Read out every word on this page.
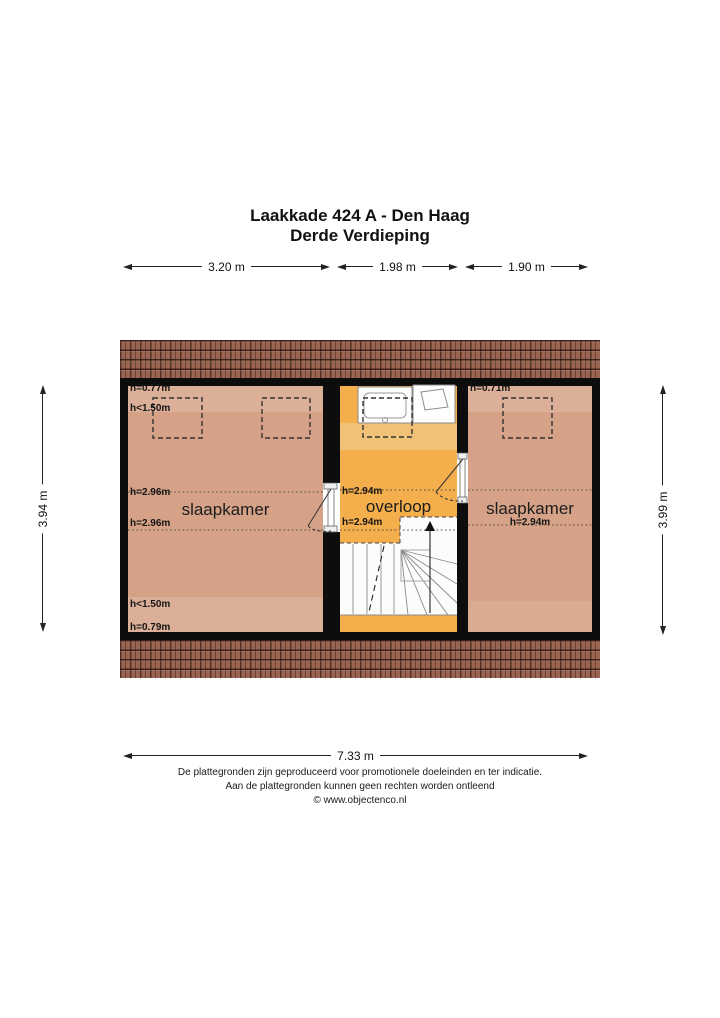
Laakkade 424 A - Den Haag
Derde Verdieping
3.20 m	1.98 m	1.90 m
3.94 m	3.99 m
h=0.77m
h<1.50m
h=2.96m
h=2.96m
h<1.50m
h=0.79m
slaapkamer
h=2.94m
h=2.94m
overloop
h=0.71m
slaapkamer
h=2.94m
7.33 m
De plattegronden zijn geproduceerd voor promotionele doeleinden en ter indicatie.
Aan de plattegronden kunnen geen rechten worden ontleend
© www.objectenco.nl
